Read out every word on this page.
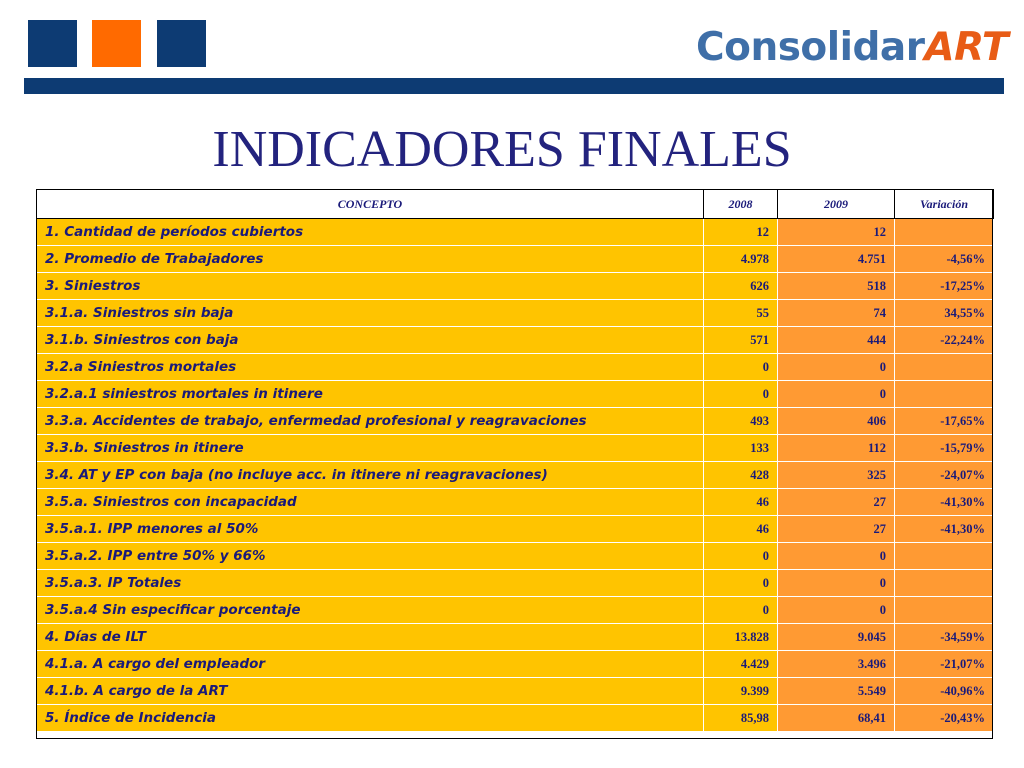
ConsolidarART
INDICADORES FINALES
CONCEPTO	2008	2009	Variación
1. Cantidad de períodos cubiertos	12	12	
2. Promedio de Trabajadores	4.978	4.751	-4,56%
3. Siniestros	626	518	-17,25%
3.1.a. Siniestros sin baja	55	74	34,55%
3.1.b. Siniestros con baja	571	444	-22,24%
3.2.a Siniestros mortales	0	0	
3.2.a.1 siniestros mortales in itinere	0	0	
3.3.a. Accidentes de trabajo, enfermedad profesional y reagravaciones	493	406	-17,65%
3.3.b. Siniestros in itinere	133	112	-15,79%
3.4. AT y EP con baja (no incluye acc. in itinere ni reagravaciones)	428	325	-24,07%
3.5.a. Siniestros con incapacidad	46	27	-41,30%
3.5.a.1. IPP menores al 50%	46	27	-41,30%
3.5.a.2. IPP entre 50% y 66%	0	0	
3.5.a.3. IP Totales	0	0	
3.5.a.4 Sin especificar porcentaje	0	0	
4. Días de ILT	13.828	9.045	-34,59%
4.1.a. A cargo del empleador	4.429	3.496	-21,07%
4.1.b. A cargo de la ART	9.399	5.549	-40,96%
5. Índice de Incidencia	85,98	68,41	-20,43%
